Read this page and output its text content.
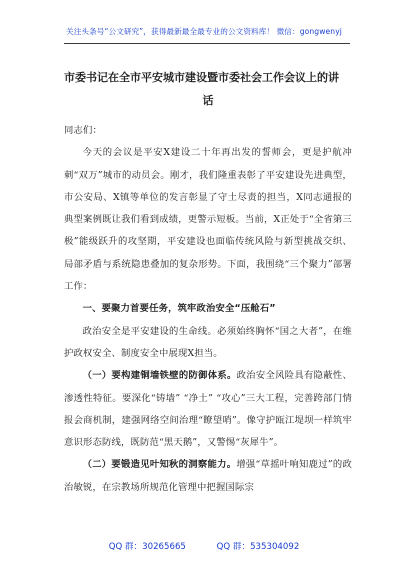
关注头条号“公文研究”，获得最新最全最专业的公文资料库！ 微信：gongwenyj
市委书记在全市平安城市建设暨市委社会工作会议上的讲
话

同志们：

今天的会议是平安X建设二十年再出发的誓师会，更是护航冲刺“双万”城市的动员会。刚才，我们隆重表彰了平安建设先进典型，市公安局、X镇等单位的发言彰显了守土尽责的担当，X同志通报的典型案例既让我们看到成绩，更警示短板。当前，X正处于“全省第三极”能级跃升的攻坚期，平安建设也面临传统风险与新型挑战交织、局部矛盾与系统隐患叠加的复杂形势。下面，我围绕“三个聚力”部署工作：

一、要聚力首要任务，筑牢政治安全“压舱石”

政治安全是平安建设的生命线。必须始终胸怀“国之大者”，在维护政权安全、制度安全中展现X担当。

（一）要构建铜墙铁壁的防御体系。政治安全风险具有隐蔽性、渗透性特征。要深化“铸墙” “净土” “攻心”三大工程，完善跨部门情报会商机制，建强网络空间治理“瞭望哨”。像守护瓯江堤坝一样筑牢意识形态防线，既防范“黑天鹅”，又警惕“灰犀牛”。

（二）要锻造见叶知秋的洞察能力。增强“草摇叶响知鹿过”的政治敏锐，在宗教场所规范化管理中把握国际宗

QQ 群：30265665	QQ 群：535304092
